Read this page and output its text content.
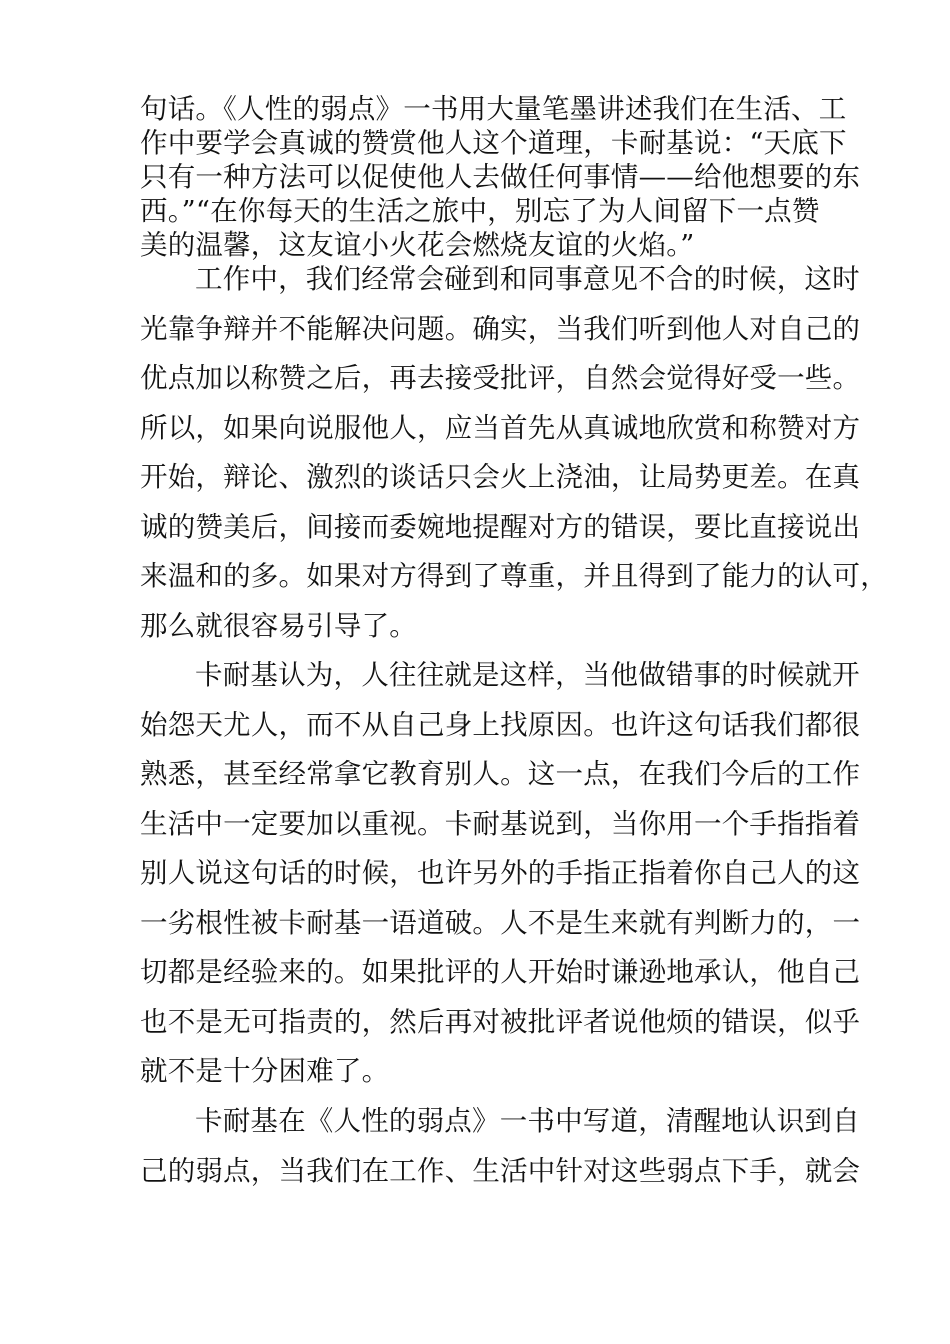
句话。《人性的弱点》一书用大量笔墨讲述我们在生活、工
作中要学会真诚的赞赏他人这个道理，卡耐基说：“天底下
只有一种方法可以促使他人去做任何事情——给他想要的东
西。”“在你每天的生活之旅中，别忘了为人间留下一点赞
美的温馨，这友谊小火花会燃烧友谊的火焰。”
工作中，我们经常会碰到和同事意见不合的时候，这时
光靠争辩并不能解决问题。确实，当我们听到他人对自己的
优点加以称赞之后，再去接受批评，自然会觉得好受一些。
所以，如果向说服他人，应当首先从真诚地欣赏和称赞对方
开始，辩论、激烈的谈话只会火上浇油，让局势更差。在真
诚的赞美后，间接而委婉地提醒对方的错误，要比直接说出
来温和的多。如果对方得到了尊重，并且得到了能力的认可，
那么就很容易引导了。
卡耐基认为，人往往就是这样，当他做错事的时候就开
始怨天尤人，而不从自己身上找原因。也许这句话我们都很
熟悉，甚至经常拿它教育别人。这一点，在我们今后的工作
生活中一定要加以重视。卡耐基说到，当你用一个手指指着
别人说这句话的时候，也许另外的手指正指着你自己人的这
一劣根性被卡耐基一语道破。人不是生来就有判断力的，一
切都是经验来的。如果批评的人开始时谦逊地承认，他自己
也不是无可指责的，然后再对被批评者说他烦的错误，似乎
就不是十分困难了。
卡耐基在《人性的弱点》一书中写道，清醒地认识到自
己的弱点，当我们在工作、生活中针对这些弱点下手，就会
